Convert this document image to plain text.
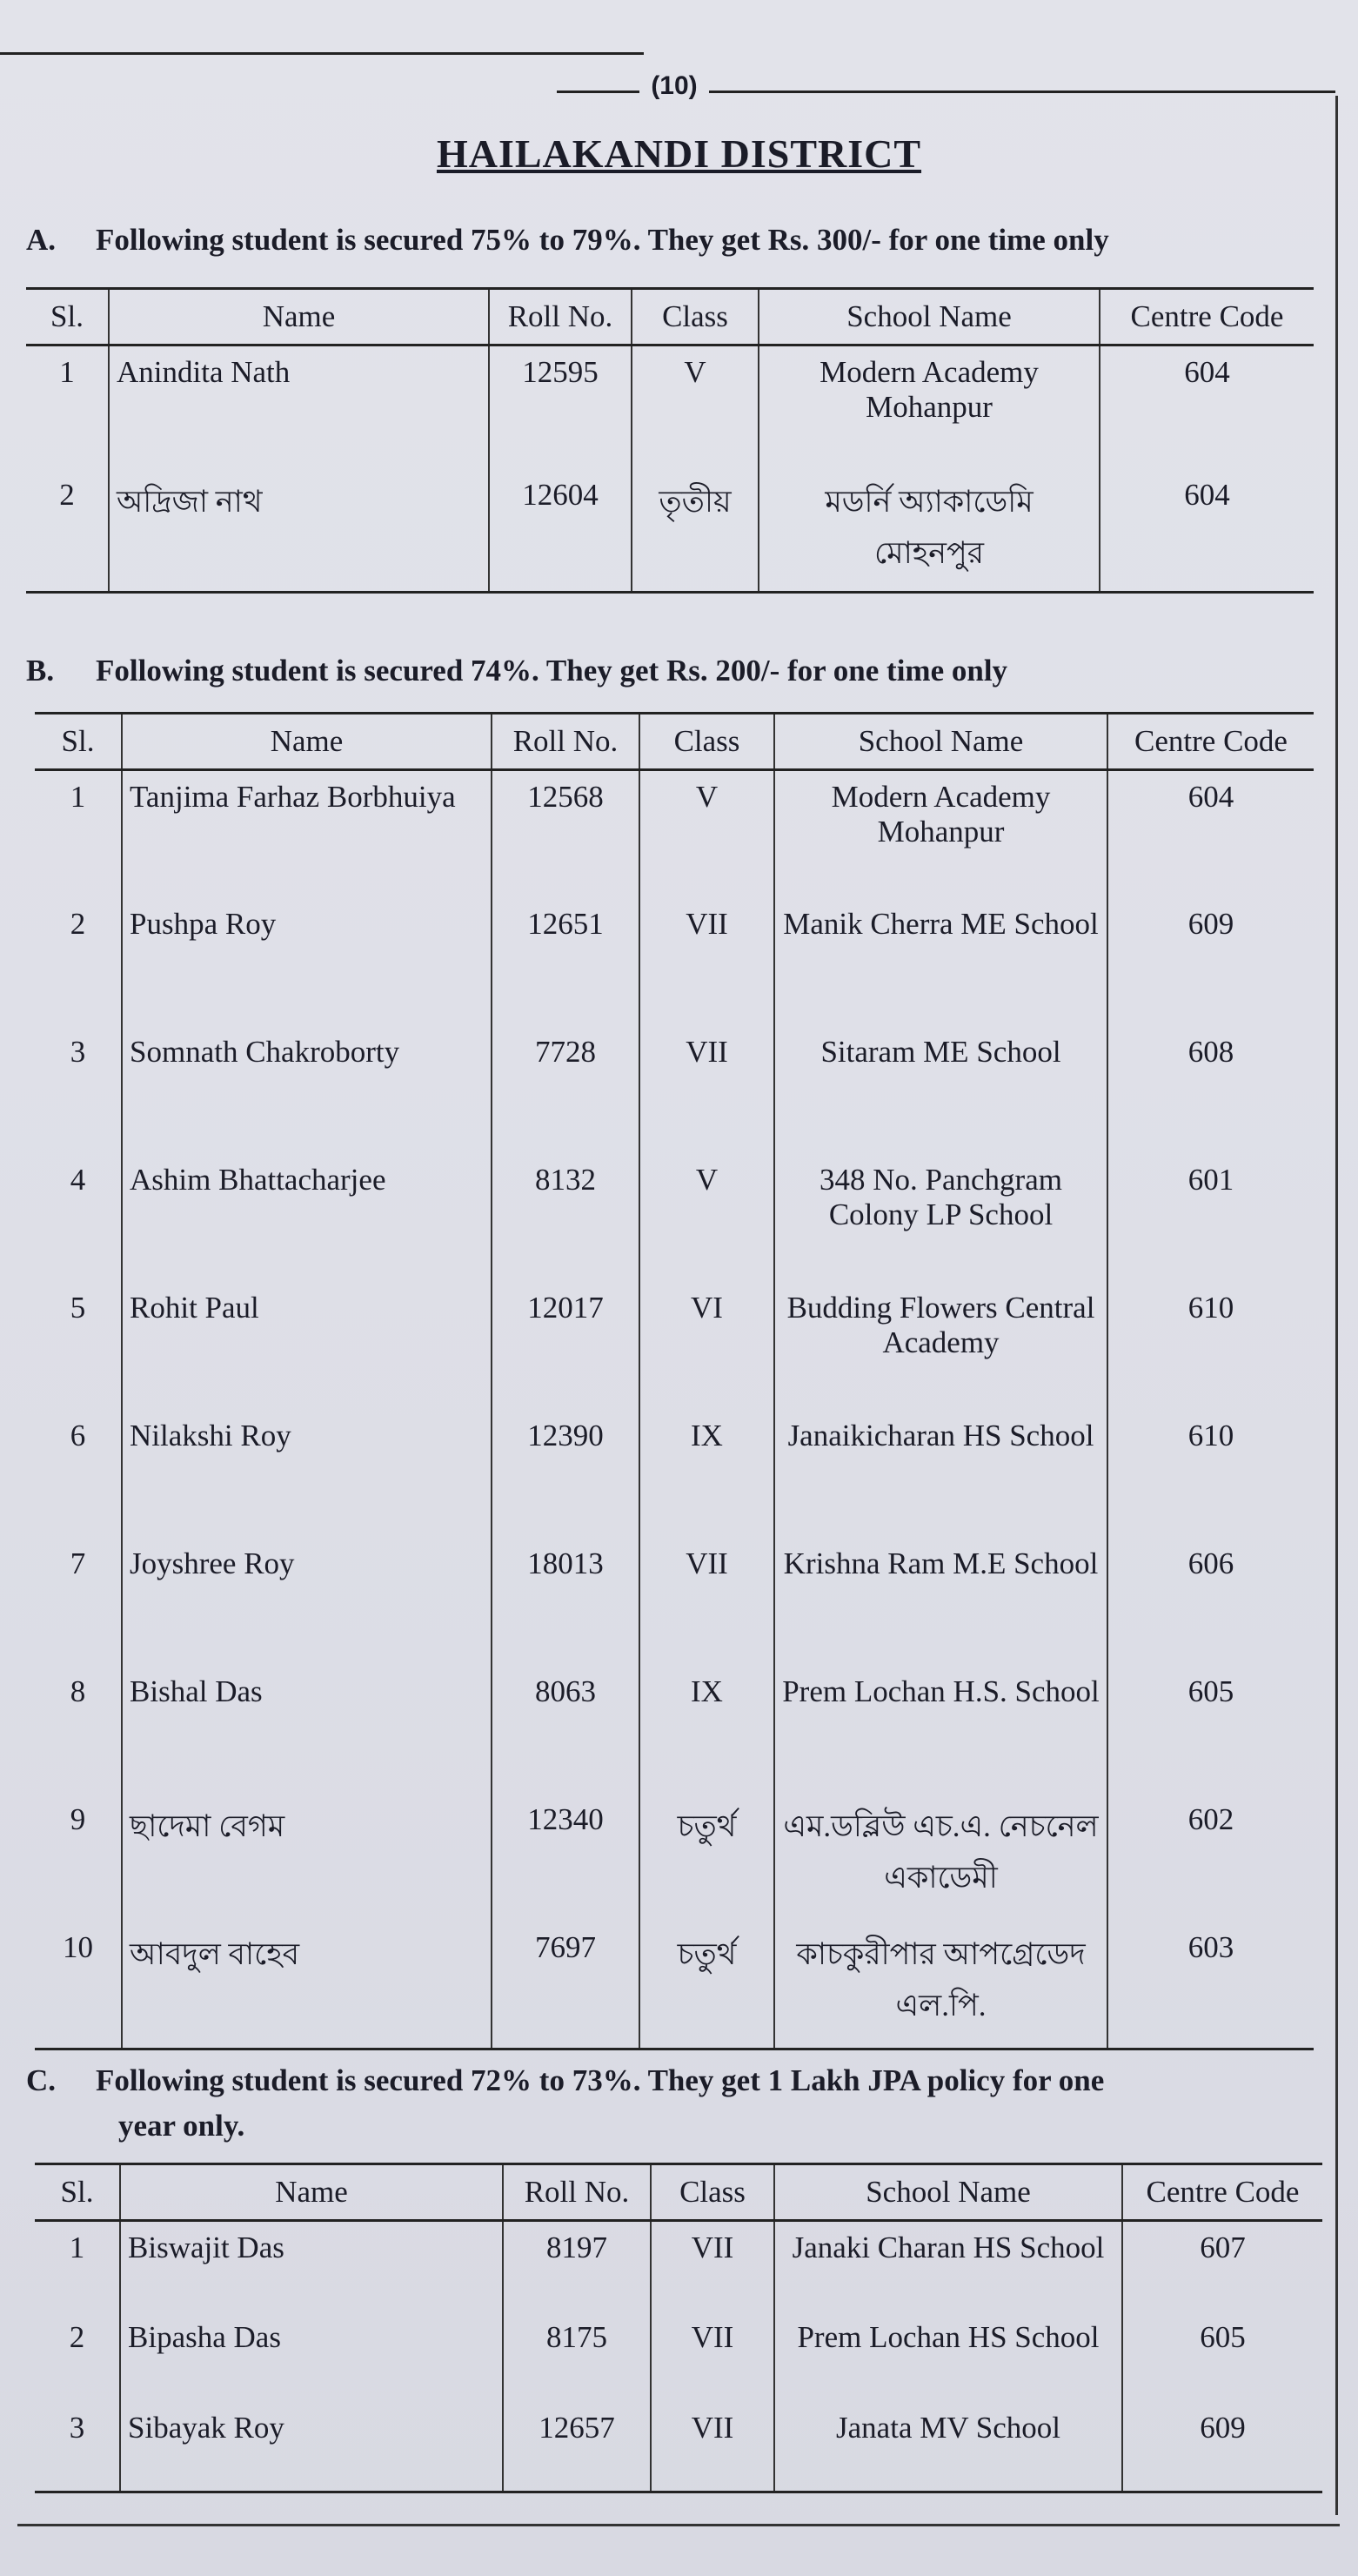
(10)
HAILAKANDI DISTRICT
A. Following student is secured 75% to 79%. They get Rs. 300/- for one time only
Sl.	Name	Roll No.	Class	School Name	Centre Code
1	Anindita Nath	12595	V	Modern Academy Mohanpur	604
2	অদ্রিজা নাথ	12604	তৃতীয়	মডর্নি অ্যাকাডেমি মোহনপুর	604
B. Following student is secured 74%. They get Rs. 200/- for one time only
Sl.	Name	Roll No.	Class	School Name	Centre Code
1	Tanjima Farhaz Borbhuiya	12568	V	Modern Academy Mohanpur	604
2	Pushpa Roy	12651	VII	Manik Cherra ME School	609
3	Somnath Chakroborty	7728	VII	Sitaram ME School	608
4	Ashim Bhattacharjee	8132	V	348 No. Panchgram Colony LP School	601
5	Rohit Paul	12017	VI	Budding Flowers Central Academy	610
6	Nilakshi Roy	12390	IX	Janaikicharan HS School	610
7	Joyshree Roy	18013	VII	Krishna Ram M.E School	606
8	Bishal Das	8063	IX	Prem Lochan H.S. School	605
9	ছাদেমা বেগম	12340	চতুর্থ	এম.ডব্লিউ এচ.এ. নেচনেল একাডেমী	602
10	আবদুল বাহেব	7697	চতুর্থ	কাচকুরীপার আপগ্রেডেদ এল.পি.	603
C. Following student is secured 72% to 73%. They get 1 Lakh JPA policy for one
year only.
Sl.	Name	Roll No.	Class	School Name	Centre Code
1	Biswajit Das	8197	VII	Janaki Charan HS School	607
2	Bipasha Das	8175	VII	Prem Lochan HS School	605
3	Sibayak Roy	12657	VII	Janata MV School	609
